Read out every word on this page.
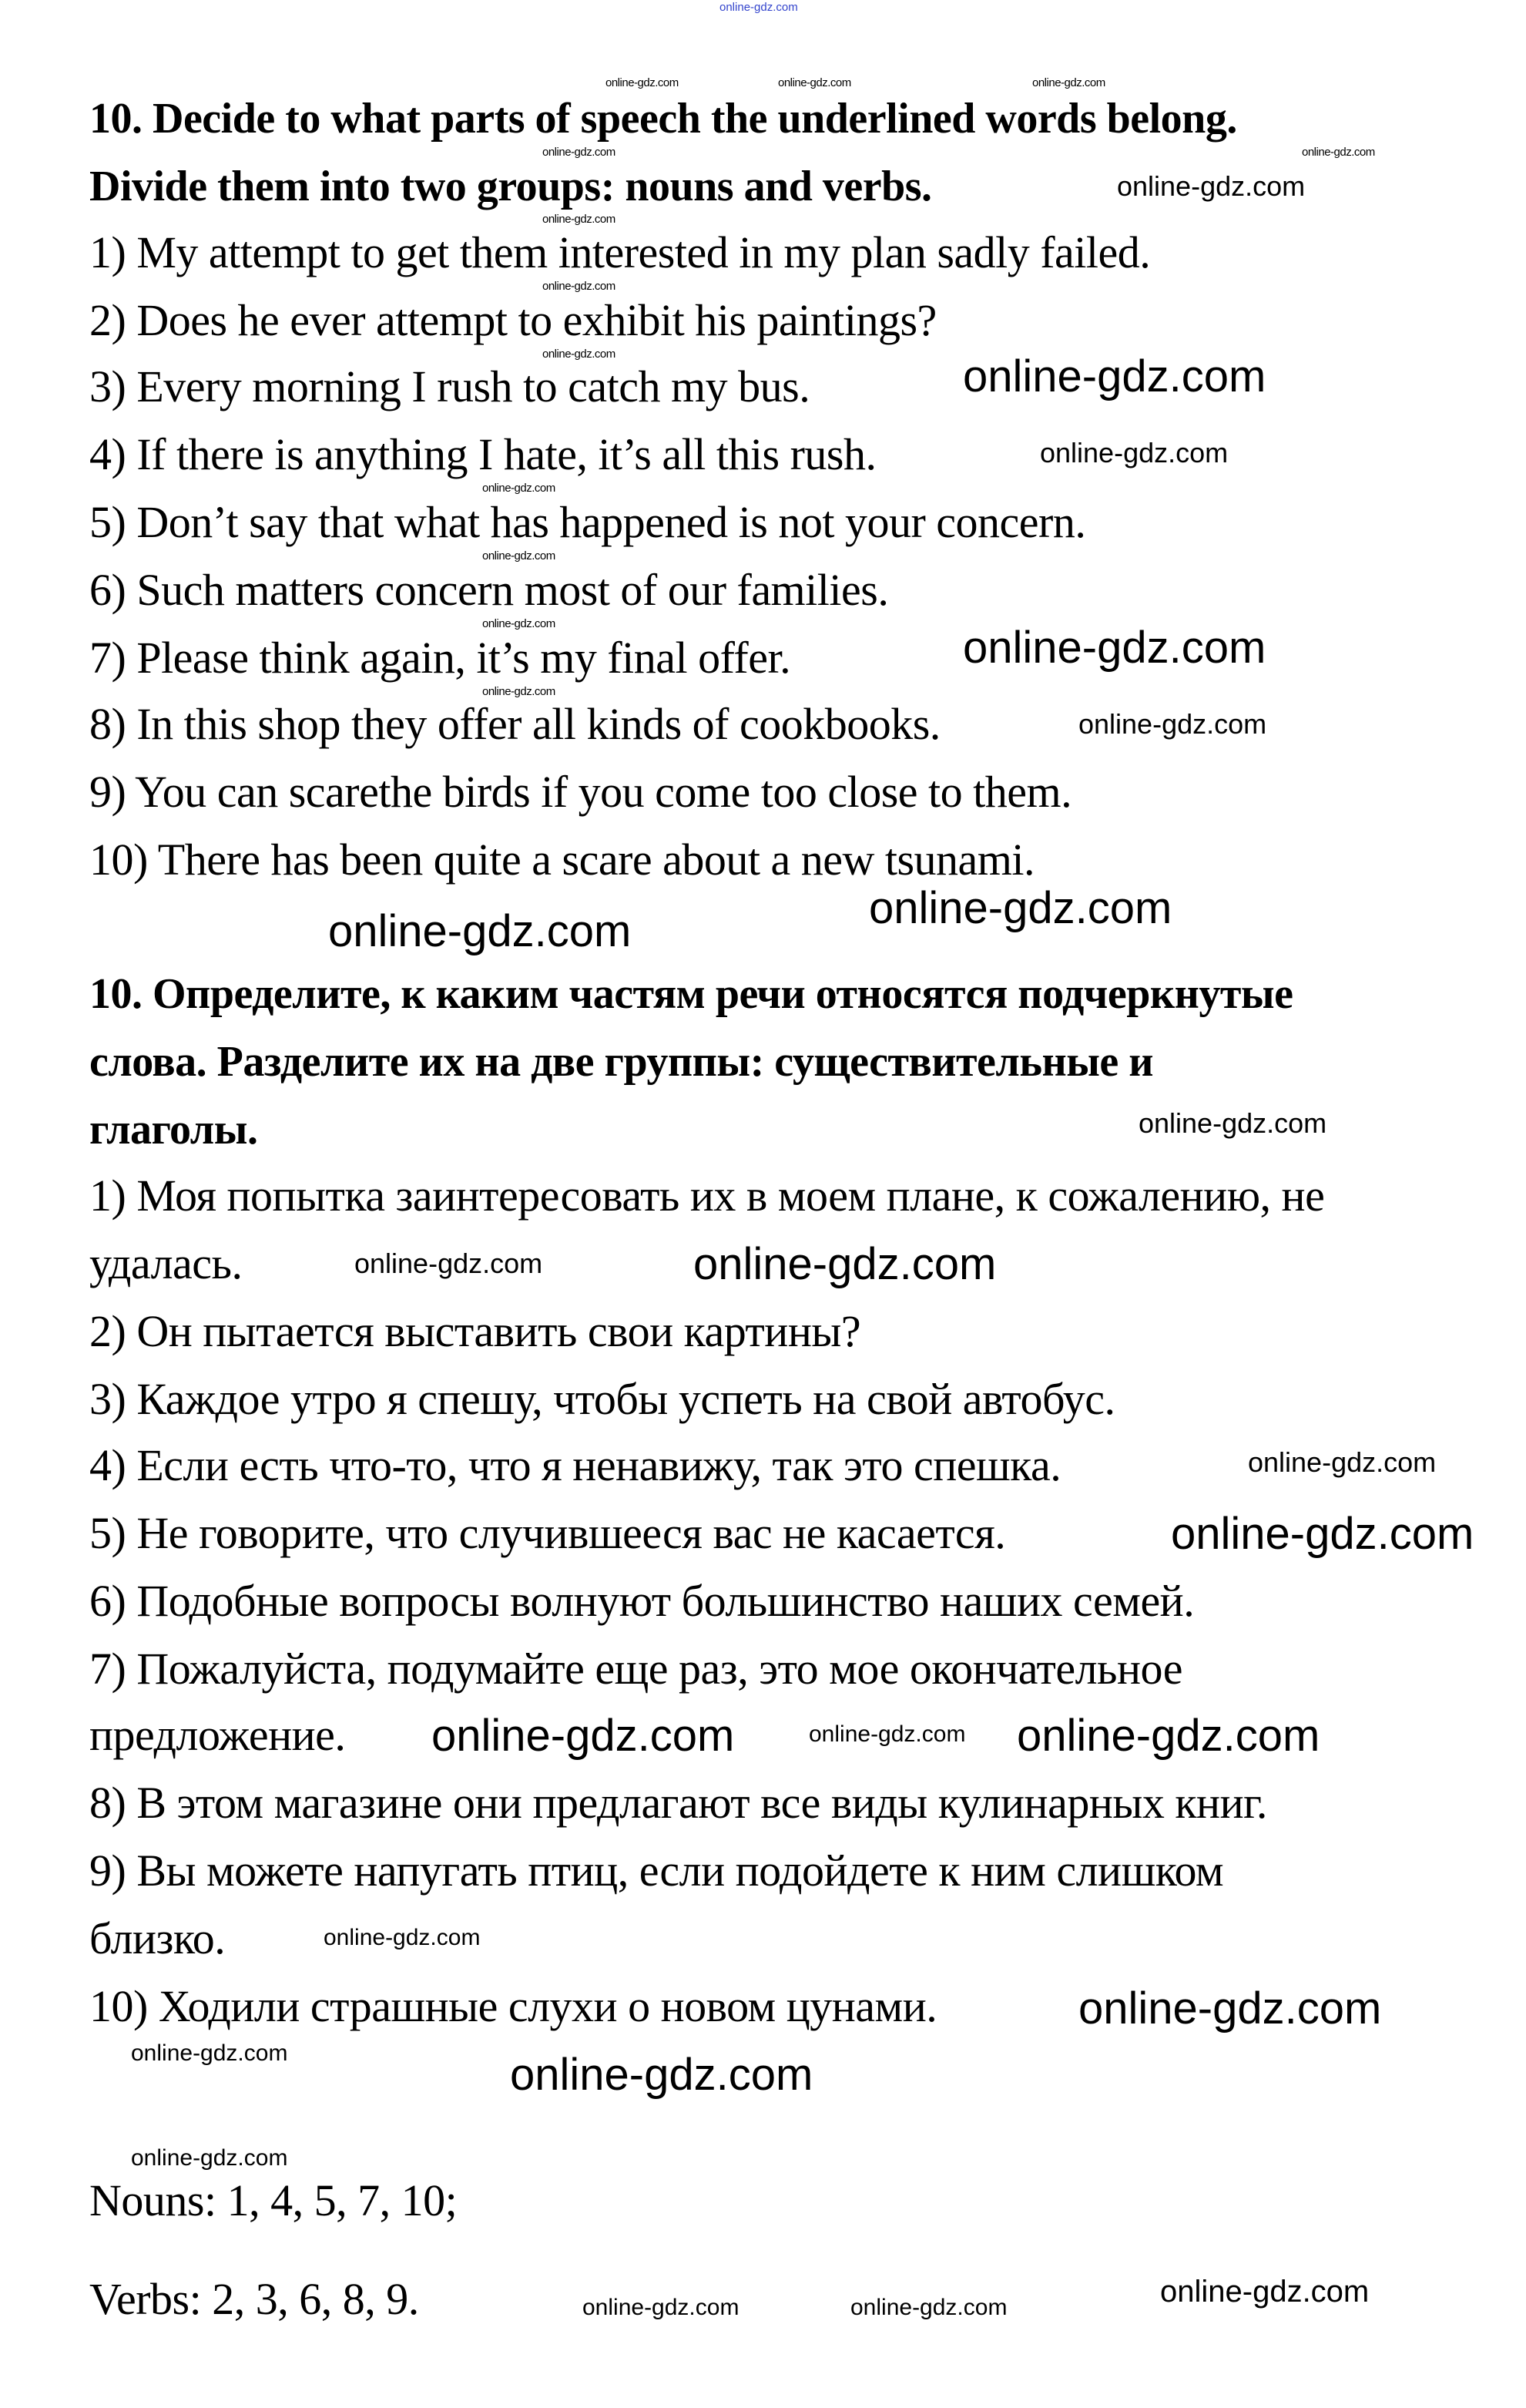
online-gdz.com
10. Decide to what parts of speech the underlined words belong.
Divide them into two groups: nouns and verbs.
1) My attempt to get them interested in my plan sadly failed.
2) Does he ever attempt to exhibit his paintings?
3) Every morning I rush to catch my bus.
4) If there is anything I hate, it’s all this rush.
5) Don’t say that what has happened is not your concern.
6) Such matters concern most of our families.
7) Please think again, it’s my final offer.
8) In this shop they offer all kinds of cookbooks.
9) You can scarethe birds if you come too close to them.
10) There has been quite a scare about a new tsunami.
10. Определите, к каким частям речи относятся подчеркнутые
слова. Разделите их на две группы: существительные и
глаголы.
1) Моя попытка заинтересовать их в моем плане, к сожалению, не
удалась.
2) Он пытается выставить свои картины?
3) Каждое утро я спешу, чтобы успеть на свой автобус.
4) Если есть что-то, что я ненавижу, так это спешка.
5) Не говорите, что случившееся вас не касается.
6) Подобные вопросы волнуют большинство наших семей.
7) Пожалуйста, подумайте еще раз, это мое окончательное
предложение.
8) В этом магазине они предлагают все виды кулинарных книг.
9) Вы можете напугать птиц, если подойдете к ним слишком
близко.
10) Ходили страшные слухи о новом цунами.
Nouns: 1, 4, 5, 7, 10;
Verbs: 2, 3, 6, 8, 9.
online-gdz.com	online-gdz.com	online-gdz.com
online-gdz.com
online-gdz.com
online-gdz.com
online-gdz.com
online-gdz.com
online-gdz.com
online-gdz.com
online-gdz.com
online-gdz.com
online-gdz.com
online-gdz.com
online-gdz.com
online-gdz.com
online-gdz.com
online-gdz.com
online-gdz.com
online-gdz.com
online-gdz.com
online-gdz.com
online-gdz.com	online-gdz.com	online-gdz.com
online-gdz.com
online-gdz.com
online-gdz.com
online-gdz.com
online-gdz.com
online-gdz.com
online-gdz.com	online-gdz.com
online-gdz.com
online-gdz.com
